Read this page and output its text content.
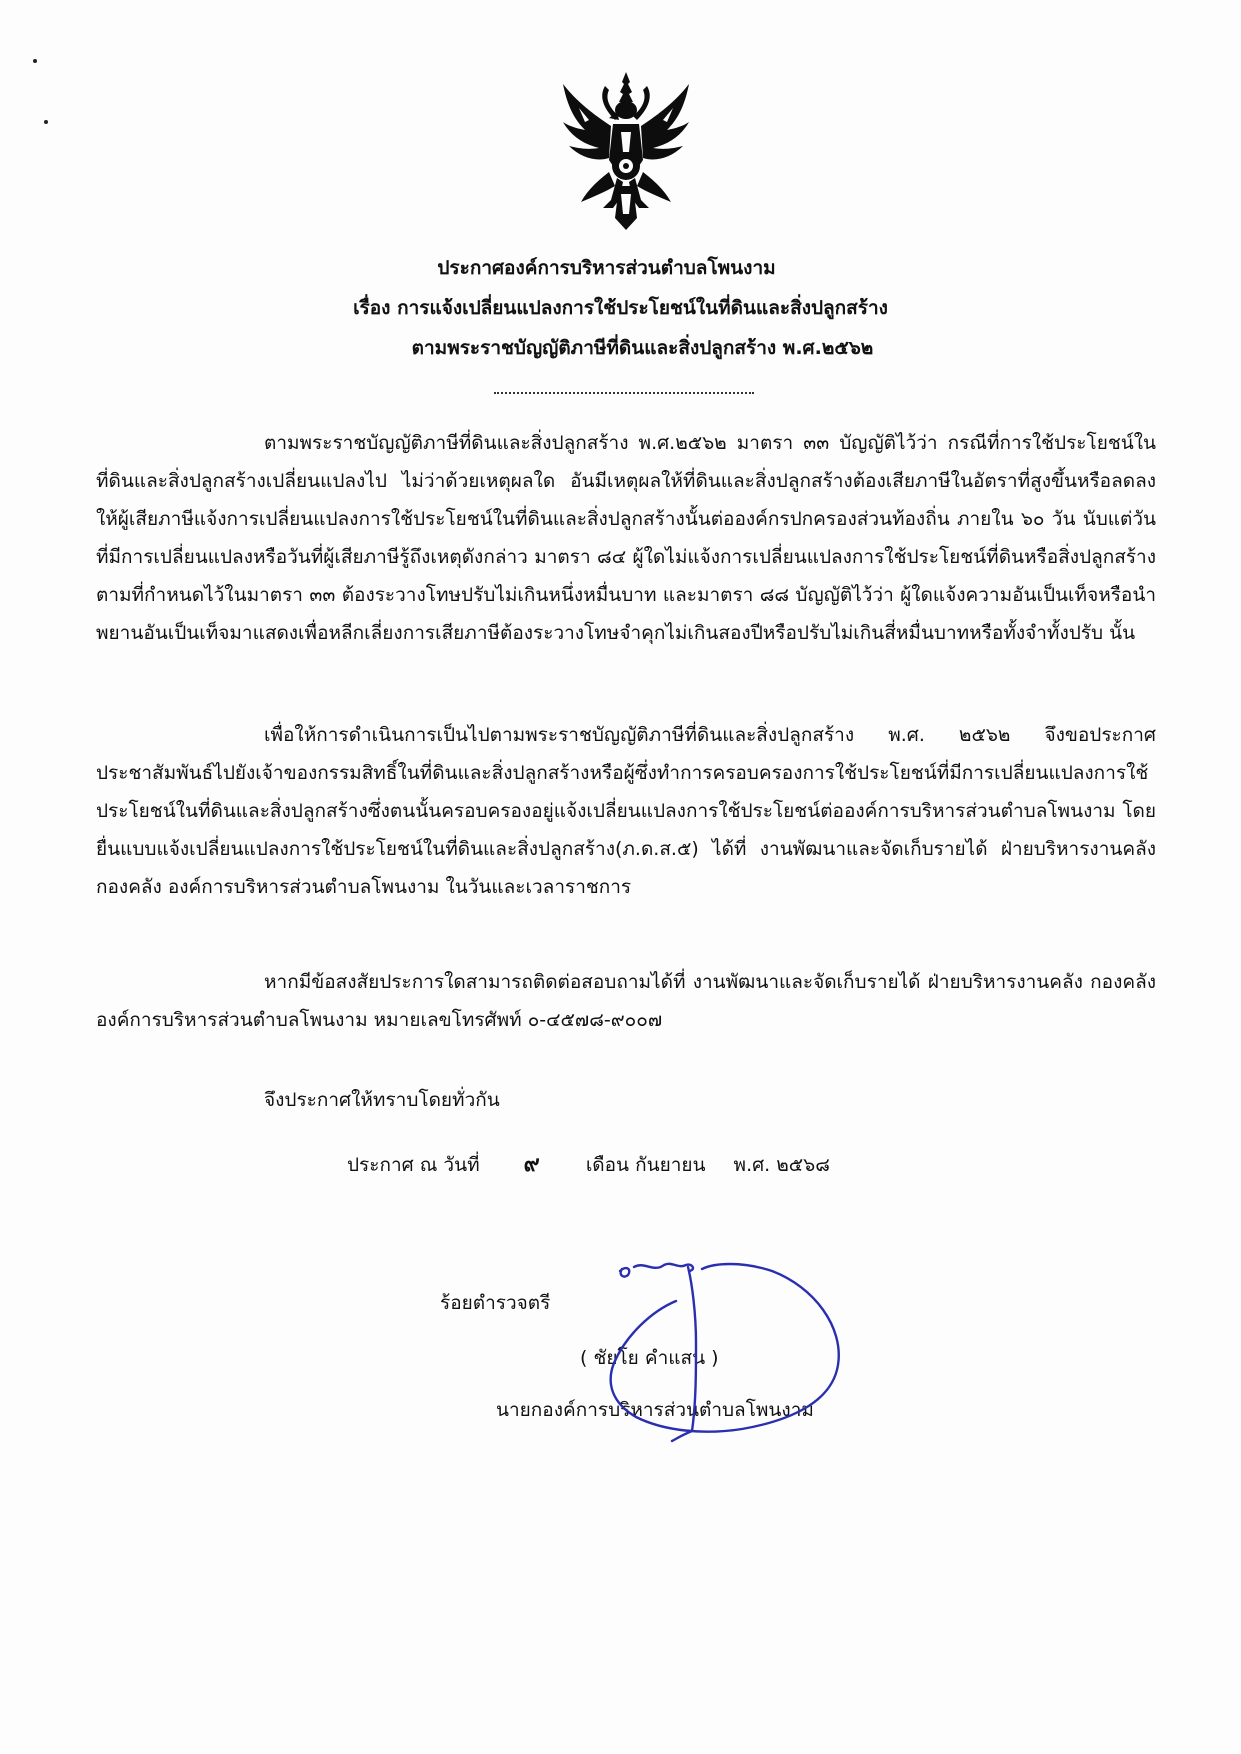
ประกาศองค์การบริหารส่วนตำบลโพนงาม
เรื่อง การแจ้งเปลี่ยนแปลงการใช้ประโยชน์ในที่ดินและสิ่งปลูกสร้าง
ตามพระราชบัญญัติภาษีที่ดินและสิ่งปลูกสร้าง พ.ศ.๒๕๖๒
ตามพระราชบัญญัติภาษีที่ดินและสิ่งปลูกสร้าง พ.ศ.๒๕๖๒ มาตรา ๓๓ บัญญัติไว้ว่า กรณีที่การใช้ประโยชน์ในที่ดินและสิ่งปลูกสร้างเปลี่ยนแปลงไป ไม่ว่าด้วยเหตุผลใด อันมีเหตุผลให้ที่ดินและสิ่งปลูกสร้างต้องเสียภาษีในอัตราที่สูงขึ้นหรือลดลง ให้ผู้เสียภาษีแจ้งการเปลี่ยนแปลงการใช้ประโยชน์ในที่ดินและสิ่งปลูกสร้างนั้นต่อองค์กรปกครองส่วนท้องถิ่น ภายใน ๖๐ วัน นับแต่วันที่มีการเปลี่ยนแปลงหรือวันที่ผู้เสียภาษีรู้ถึงเหตุดังกล่าว มาตรา ๘๔ ผู้ใดไม่แจ้งการเปลี่ยนแปลงการใช้ประโยชน์ที่ดินหรือสิ่งปลูกสร้างตามที่กำหนดไว้ในมาตรา ๓๓ ต้องระวางโทษปรับไม่เกินหนึ่งหมื่นบาท และมาตรา ๘๘ บัญญัติไว้ว่า ผู้ใดแจ้งความอันเป็นเท็จหรือนำพยานอันเป็นเท็จมาแสดงเพื่อหลีกเลี่ยงการเสียภาษีต้องระวางโทษจำคุกไม่เกินสองปีหรือปรับไม่เกินสี่หมื่นบาทหรือทั้งจำทั้งปรับ นั้น
เพื่อให้การดำเนินการเป็นไปตามพระราชบัญญัติภาษีที่ดินและสิ่งปลูกสร้าง พ.ศ. ๒๕๖๒ จึงขอประกาศประชาสัมพันธ์ไปยังเจ้าของกรรมสิทธิ์ในที่ดินและสิ่งปลูกสร้างหรือผู้ซึ่งทำการครอบครองการใช้ประโยชน์ที่มีการเปลี่ยนแปลงการใช้ประโยชน์ในที่ดินและสิ่งปลูกสร้างซึ่งตนนั้นครอบครองอยู่แจ้งเปลี่ยนแปลงการใช้ประโยชน์ต่อองค์การบริหารส่วนตำบลโพนงาม โดยยื่นแบบแจ้งเปลี่ยนแปลงการใช้ประโยชน์ในที่ดินและสิ่งปลูกสร้าง(ภ.ด.ส.๕) ได้ที่ งานพัฒนาและจัดเก็บรายได้ ฝ่ายบริหารงานคลัง กองคลัง องค์การบริหารส่วนตำบลโพนงาม ในวันและเวลาราชการ
หากมีข้อสงสัยประการใดสามารถติดต่อสอบถามได้ที่ งานพัฒนาและจัดเก็บรายได้ ฝ่ายบริหารงานคลัง กองคลัง องค์การบริหารส่วนตำบลโพนงาม หมายเลขโทรศัพท์ ๐-๔๕๗๘-๙๐๐๗
จึงประกาศให้ทราบโดยทั่วกัน
ประกาศ ณ วันที่ ๙ เดือน กันยายน พ.ศ. ๒๕๖๘
ร้อยตำรวจตรี
( ชัยโย คำแสน )
นายกองค์การบริหารส่วนตำบลโพนงาม
